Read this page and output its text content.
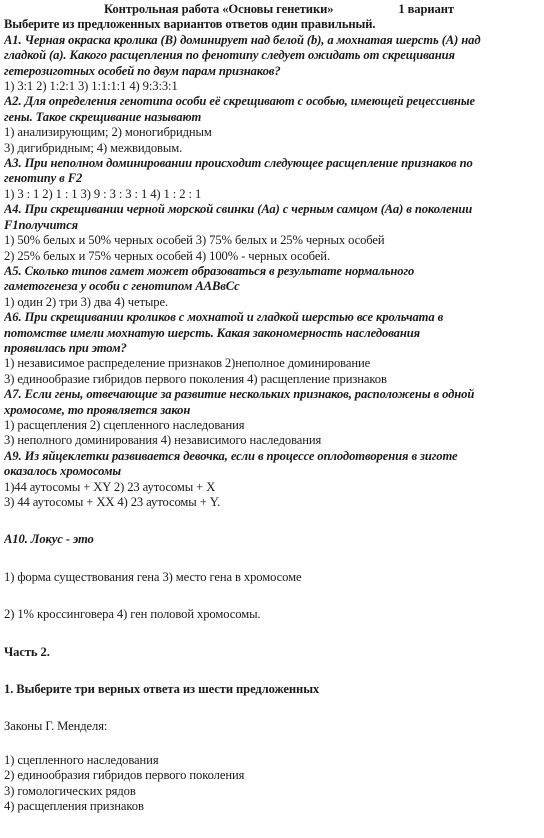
Контрольная работа «Основы генетики»	1 вариант
Выберите из предложенных вариантов ответов один правильный.
А1. Черная окраска кролика (В) доминирует над белой (b), а мохнатая шерсть (А) над
гладкой (а). Какого расщепления по фенотипу следует ожидать от скрещивания
гетерозиготных особей по двум парам признаков?
1) 3:1 2) 1:2:1 3) 1:1:1:1 4) 9:3:3:1
А2. Для определения генотипа особи её скрещивают с особью, имеющей рецессивные
гены. Такое скрещивание называют
1) анализирующим; 2) моногибридным
3) дигибридным; 4) межвидовым.
А3. При неполном доминировании происходит следующее расщепление признаков по
генотипу в F2
1) 3 : 1 2) 1 : 1 3) 9 : 3 : 3 : 1 4) 1 : 2 : 1
А4. При скрещивании черной морской свинки (Аа) с черным самцом (Аа) в поколении
F1получится
1) 50% белых и 50% черных особей 3) 75% белых и 25% черных особей
2) 25% белых и 75% черных особей 4) 100% - черных особей.
А5. Сколько типов гамет может образоваться в результате нормального
гаметогенеза у особи с генотипом ААВвСс
1) один 2) три 3) два 4) четыре.
А6. При скрещивании кроликов с мохнатой и гладкой шерстью все крольчата в
потомстве имели мохнатую шерсть. Какая закономерность наследования
проявилась при этом?
1) независимое распределение признаков 2)неполное доминирование
3) единообразие гибридов первого поколения 4) расщепление признаков
А7. Если гены, отвечающие за развитие нескольких признаков, расположены в одной
хромосоме, то проявляется закон
1) расщепления 2) сцепленного наследования
3) неполного доминирования 4) независимого наследования
А9. Из яйцеклетки развивается девочка, если в процессе оплодотворения в зиготе
оказалось хромосомы
1)44 аутосомы + XY 2) 23 аутосомы + X
3) 44 аутосомы + XX 4) 23 аутосомы + Y.
А10. Локус - это
1) форма существования гена 3) место гена в хромосоме
2) 1% кроссинговера 4) ген половой хромосомы.
Часть 2.
1. Выберите три верных ответа из шести предложенных
Законы Г. Менделя:
1) сцепленного наследования
2) единообразия гибридов первого поколения
3) гомологических рядов
4) расщепления признаков
